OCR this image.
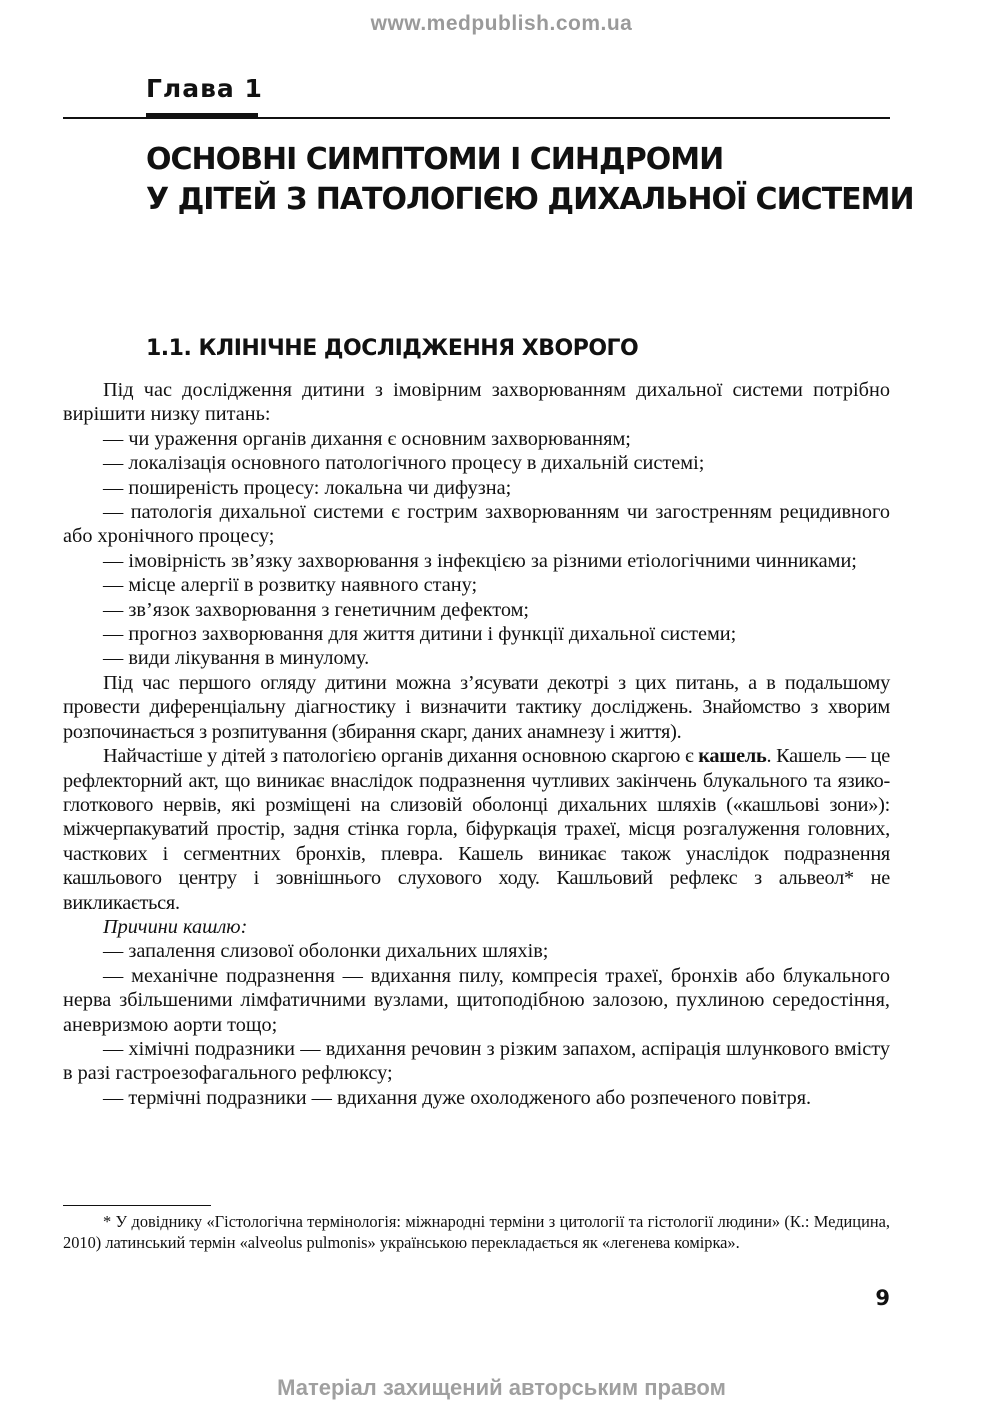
www.medpublish.com.ua
Глава 1
ОСНОВНІ СИМПТОМИ І СИНДРОМИ
У ДІТЕЙ З ПАТОЛОГІЄЮ ДИХАЛЬНОЇ СИСТЕМИ
1.1. КЛІНІЧНЕ ДОСЛІДЖЕННЯ ХВОРОГО

Під час дослідження дитини з імовірним захворюванням дихальної системи потрібно вирішити низку питань:

— чи ураження органів дихання є основним захворюванням;

— локалізація основного патологічного процесу в дихальній системі;

— поширеність процесу: локальна чи дифузна;

— патологія дихальної системи є гострим захворюванням чи загостренням рецидивного або хронічного процесу;

— імовірність зв’язку захворювання з інфекцією за різними етіологічними чинниками;

— місце алергії в розвитку наявного стану;

— зв’язок захворювання з генетичним дефектом;

— прогноз захворювання для життя дитини і функції дихальної системи;

— види лікування в минулому.

Під час першого огляду дитини можна з’ясувати декотрі з цих питань, а в подальшому провести диференціальну діагностику і визначити тактику досліджень. Знайомство з хворим розпочинається з розпитування (збирання скарг, даних анамнезу і життя).

Найчастіше у дітей з патологією органів дихання основною скаргою є кашель. Кашель — це рефлекторний акт, що виникає внаслідок подразнення чутливих закінчень блукального та язико-глоткового нервів, які розміщені на слизовій оболонці дихальних шляхів («кашльові зони»): міжчерпакуватий простір, задня стінка горла, біфуркація трахеї, місця розгалуження головних, часткових і сегментних бронхів, плевра. Кашель виникає також унаслідок подразнення кашльового центру і зовнішнього слухового ходу. Кашльовий рефлекс з альвеол* не викликається.

Причини кашлю:

— запалення слизової оболонки дихальних шляхів;

— механічне подразнення — вдихання пилу, компресія трахеї, бронхів або блукального нерва збільшеними лімфатичними вузлами, щитоподібною залозою, пухлиною середостіння, аневризмою аорти тощо;

— хімічні подразники — вдихання речовин з різким запахом, аспірація шлункового вмісту в разі гастроезофагального рефлюксу;

— термічні подразники — вдихання дуже охолодженого або розпеченого повітря.

* У довіднику «Гістологічна термінологія: міжнародні терміни з цитології та гістології людини» (К.: Медицина, 2010) латинський термін «alveolus pulmonis» українською перекладається як «легенева комірка».

9
Матеріал захищений авторським правом
